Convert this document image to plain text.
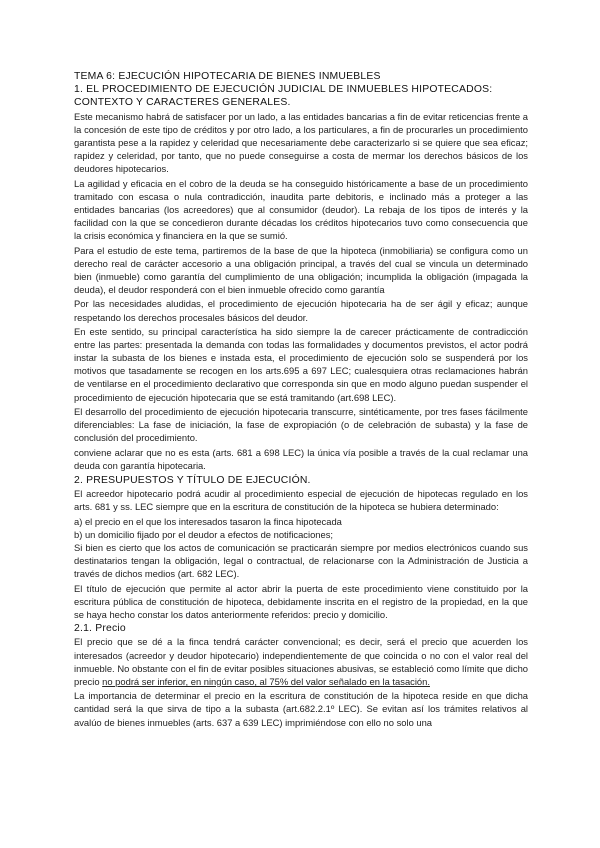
TEMA 6: EJECUCIÓN HIPOTECARIA DE BIENES INMUEBLES
1. EL PROCEDIMIENTO DE EJECUCIÓN JUDICIAL DE INMUEBLES HIPOTECADOS: CONTEXTO Y CARACTERES GENERALES.

Este mecanismo habrá de satisfacer por un lado, a las entidades bancarias a fin de evitar reticencias frente a la concesión de este tipo de créditos y por otro lado, a los particulares, a fin de procurarles un procedimiento garantista pese a la rapidez y celeridad que necesariamente debe caracterizarlo si se quiere que sea eficaz; rapidez y celeridad, por tanto, que no puede conseguirse a costa de mermar los derechos básicos de los deudores hipotecarios.

La agilidad y eficacia en el cobro de la deuda se ha conseguido históricamente a base de un procedimiento tramitado con escasa o nula contradicción, inaudita parte debitoris, e inclinado más a proteger a las entidades bancarias (los acreedores) que al consumidor (deudor). La rebaja de los tipos de interés y la facilidad con la que se concedieron durante décadas los créditos hipotecarios tuvo como consecuencia que la crisis económica y financiera en la que se sumió.

Para el estudio de este tema, partiremos de la base de que la hipoteca (inmobiliaria) se configura como un derecho real de carácter accesorio a una obligación principal, a través del cual se vincula un determinado bien (inmueble) como garantía del cumplimiento de una obligación; incumplida la obligación (impagada la deuda), el deudor responderá con el bien inmueble ofrecido como garantía

Por las necesidades aludidas, el procedimiento de ejecución hipotecaria ha de ser ágil y eficaz; aunque respetando los derechos procesales básicos del deudor.

En este sentido, su principal característica ha sido siempre la de carecer prácticamente de contradicción entre las partes: presentada la demanda con todas las formalidades y documentos previstos, el actor podrá instar la subasta de los bienes e instada esta, el procedimiento de ejecución solo se suspenderá por los motivos que tasadamente se recogen en los arts.695 a 697 LEC; cualesquiera otras reclamaciones habrán de ventilarse en el procedimiento declarativo que corresponda sin que en modo alguno puedan suspender el procedimiento de ejecución hipotecaria que se está tramitando (art.698 LEC).

El desarrollo del procedimiento de ejecución hipotecaria transcurre, sintéticamente, por tres fases fácilmente diferenciables: La fase de iniciación, la fase de expropiación (o de celebración de subasta) y la fase de conclusión del procedimiento.

conviene aclarar que no es esta (arts. 681 a 698 LEC) la única vía posible a través de la cual reclamar una deuda con garantía hipotecaria.

2. PRESUPUESTOS Y TÍTULO DE EJECUCIÓN.

El acreedor hipotecario podrá acudir al procedimiento especial de ejecución de hipotecas regulado en los arts. 681 y ss. LEC siempre que en la escritura de constitución de la hipoteca se hubiera determinado:

a) el precio en el que los interesados tasaron la finca hipotecada
b) un domicilio fijado por el deudor a efectos de notificaciones;

Si bien es cierto que los actos de comunicación se practicarán siempre por medios electrónicos cuando sus destinatarios tengan la obligación, legal o contractual, de relacionarse con la Administración de Justicia a través de dichos medios (art. 682 LEC).

El título de ejecución que permite al actor abrir la puerta de este procedimiento viene constituido por la escritura pública de constitución de hipoteca, debidamente inscrita en el registro de la propiedad, en la que se haya hecho constar los datos anteriormente referidos: precio y domicilio.

2.1. Precio

El precio que se dé a la finca tendrá carácter convencional; es decir, será el precio que acuerden los interesados (acreedor y deudor hipotecario) independientemente de que coincida o no con el valor real del inmueble. No obstante con el fin de evitar posibles situaciones abusivas, se estableció como límite que dicho precio no podrá ser inferior, en ningún caso, al 75% del valor señalado en la tasación.

La importancia de determinar el precio en la escritura de constitución de la hipoteca reside en que dicha cantidad será la que sirva de tipo a la subasta (art.682.2.1º LEC). Se evitan así los trámites relativos al avalúo de bienes inmuebles (arts. 637 a 639 LEC) imprimiéndose con ello no solo una
